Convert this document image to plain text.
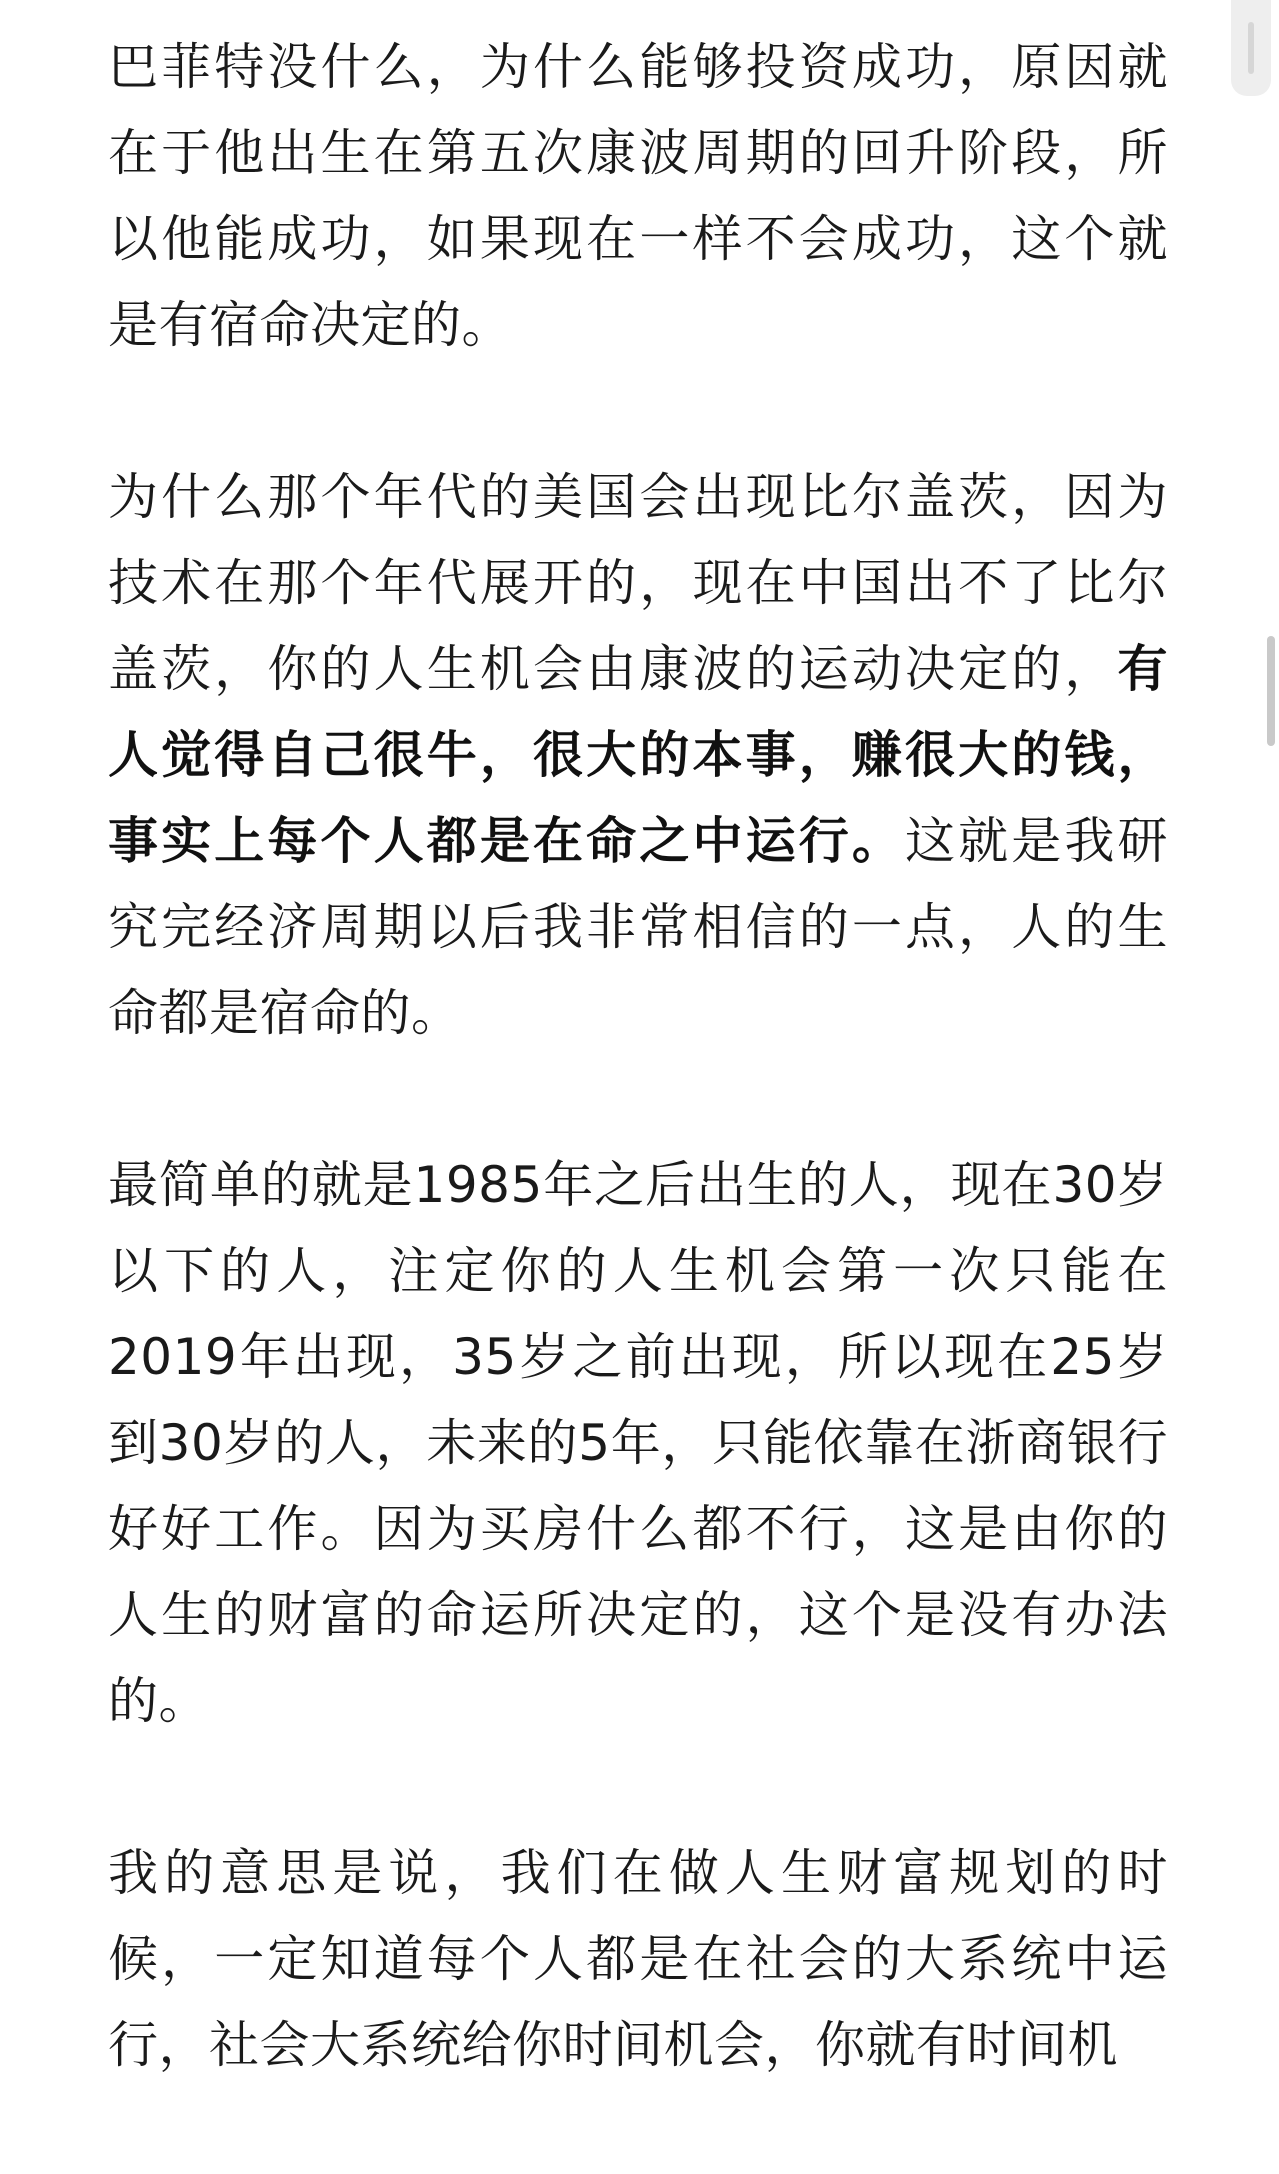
巴菲特没什么，为什么能够投资成功，原因就在于他出生在第五次康波周期的回升阶段，所以他能成功，如果现在一样不会成功，这个就是有宿命决定的。

为什么那个年代的美国会出现比尔盖茨，因为技术在那个年代展开的，现在中国出不了比尔盖茨，你的人生机会由康波的运动决定的，有人觉得自己很牛，很大的本事，赚很大的钱，事实上每个人都是在命之中运行。这就是我研究完经济周期以后我非常相信的一点，人的生命都是宿命的。

最简单的就是1985年之后出生的人，现在30岁以下的人，注定你的人生机会第一次只能在2019年出现，35岁之前出现，所以现在25岁到30岁的人，未来的5年，只能依靠在浙商银行好好工作。因为买房什么都不行，这是由你的人生的财富的命运所决定的，这个是没有办法的。

我的意思是说，我们在做人生财富规划的时候，一定知道每个人都是在社会的大系统中运行，社会大系统给你时间机会，你就有时间机
